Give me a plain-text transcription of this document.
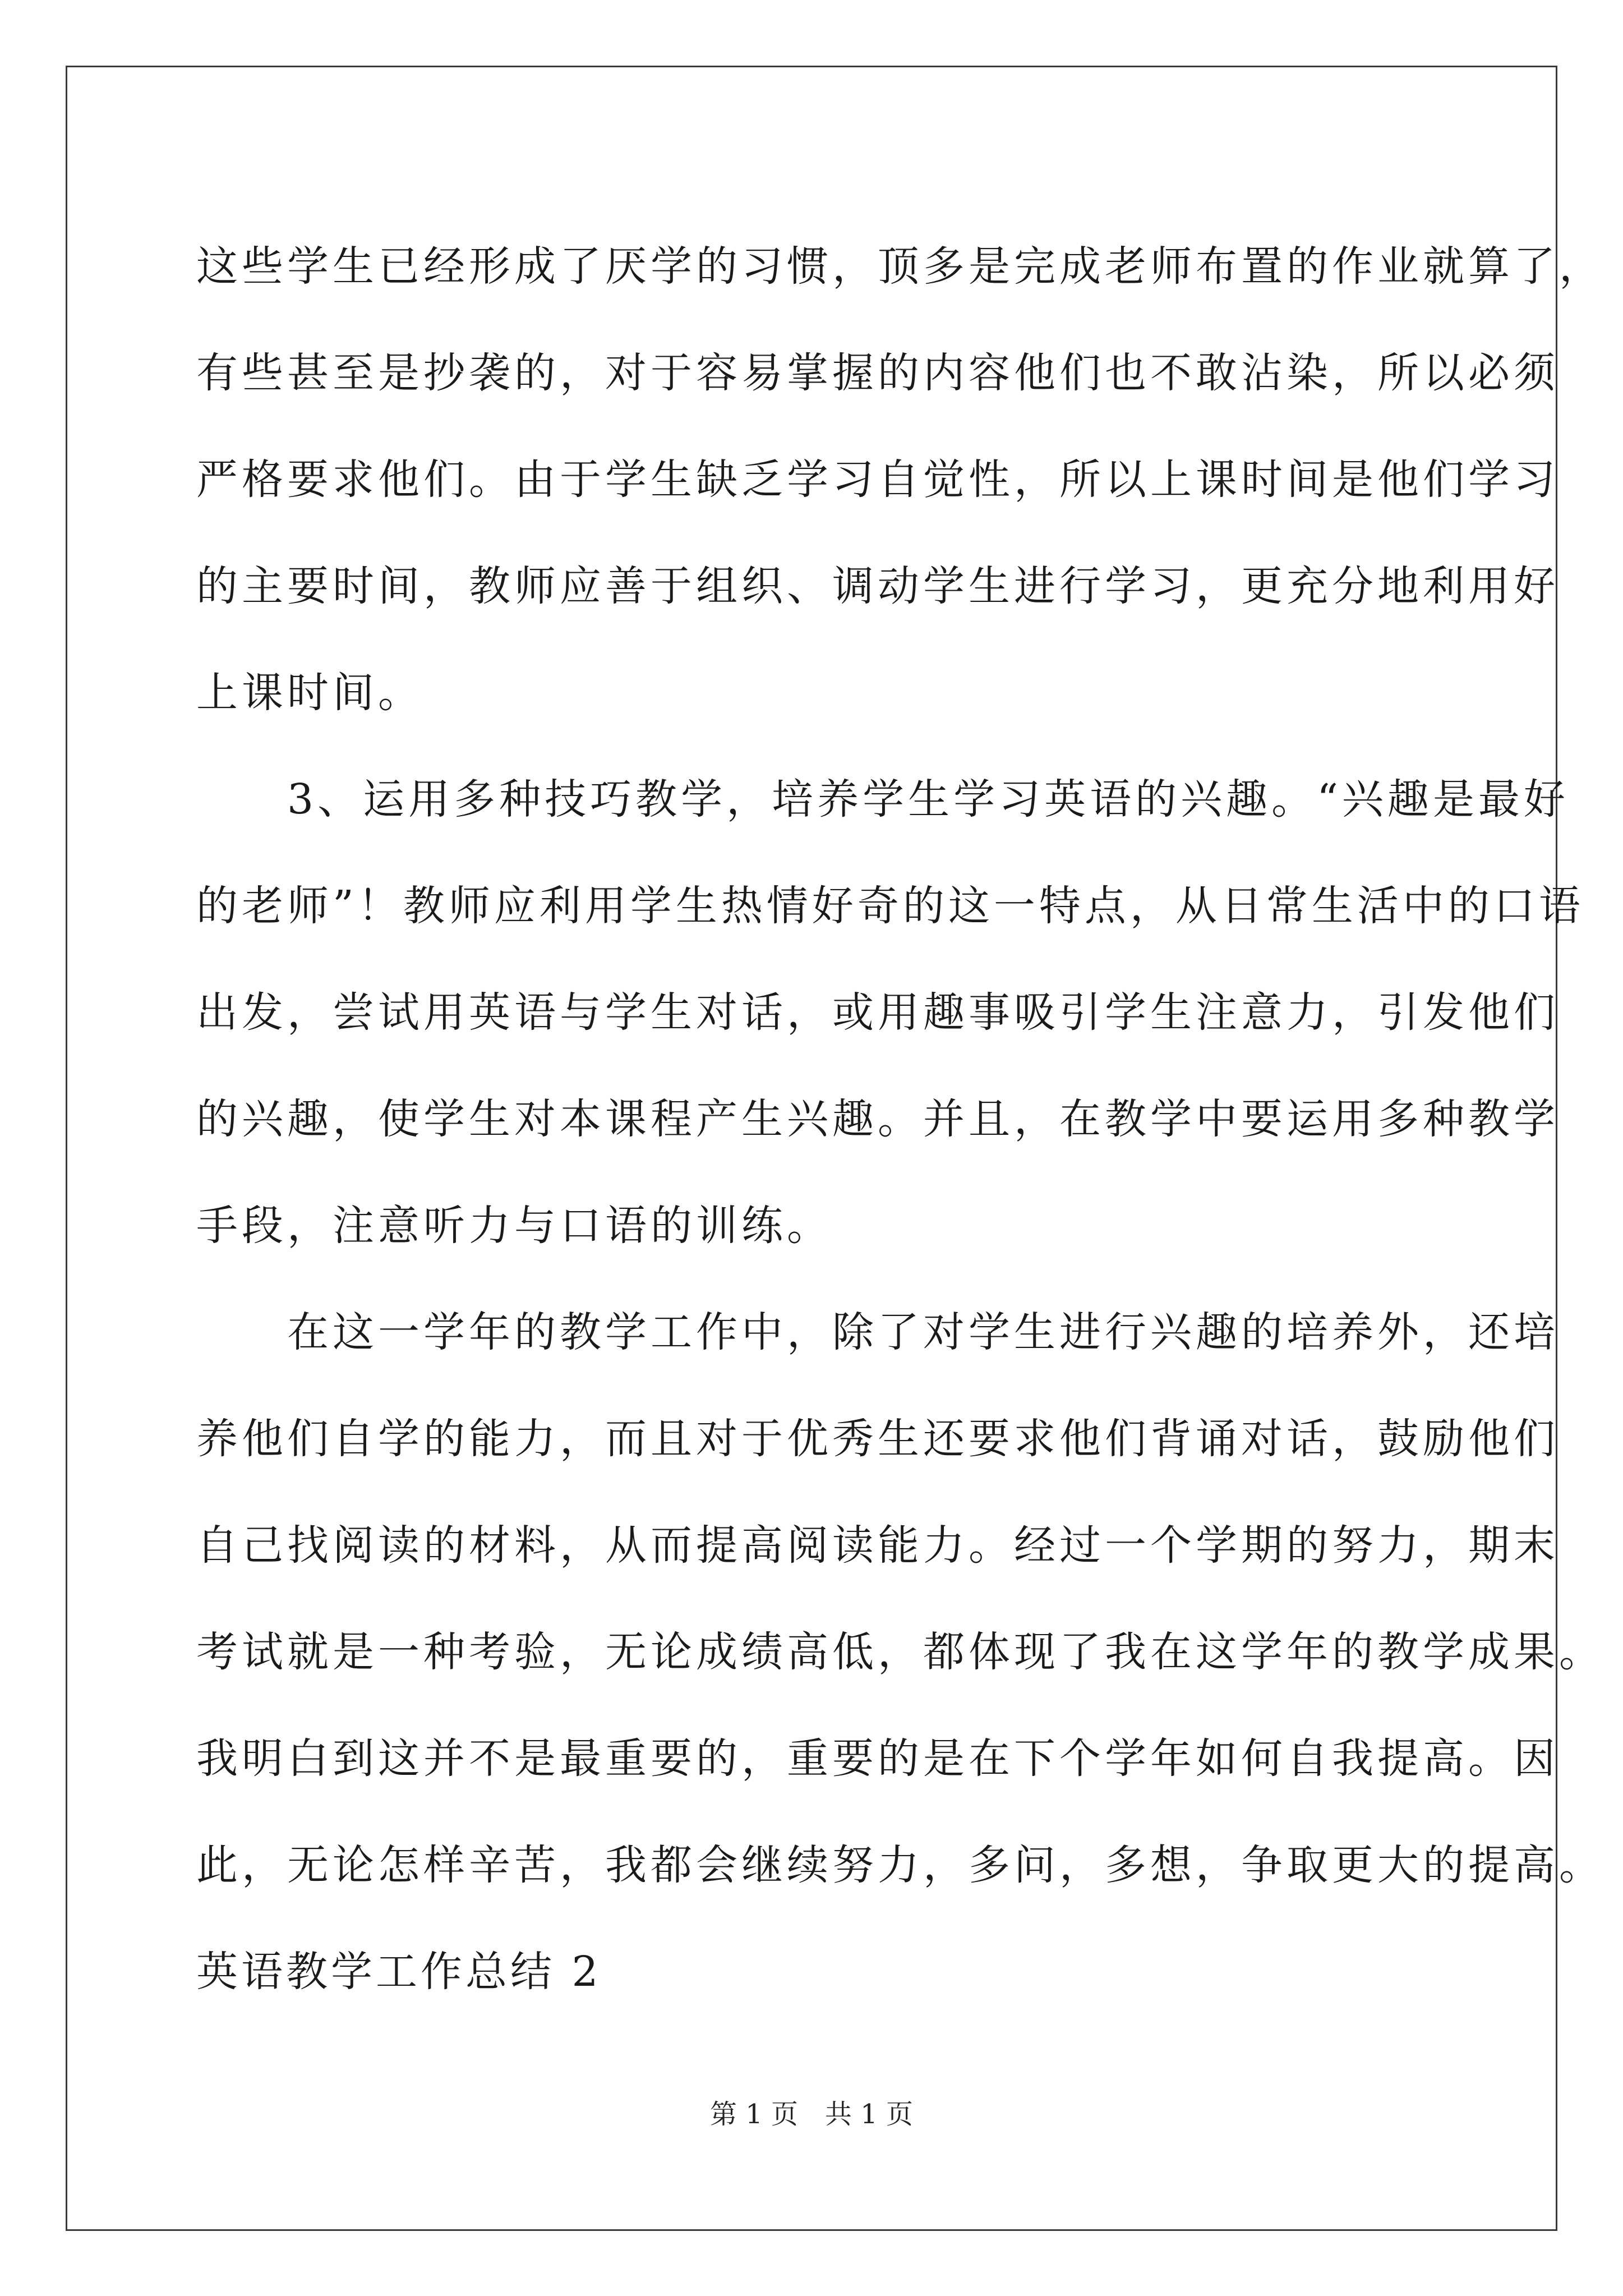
这些学生已经形成了厌学的习惯，顶多是完成老师布置的作业就算了，
有些甚至是抄袭的，对于容易掌握的内容他们也不敢沾染，所以必须
严格要求他们。由于学生缺乏学习自觉性，所以上课时间是他们学习
的主要时间，教师应善于组织、调动学生进行学习，更充分地利用好
上课时间。
　　3、运用多种技巧教学，培养学生学习英语的兴趣。“兴趣是最好
的老师”！教师应利用学生热情好奇的这一特点，从日常生活中的口语
出发，尝试用英语与学生对话，或用趣事吸引学生注意力，引发他们
的兴趣，使学生对本课程产生兴趣。并且，在教学中要运用多种教学
手段，注意听力与口语的训练。
　　在这一学年的教学工作中，除了对学生进行兴趣的培养外，还培
养他们自学的能力，而且对于优秀生还要求他们背诵对话，鼓励他们
自己找阅读的材料，从而提高阅读能力。经过一个学期的努力，期末
考试就是一种考验，无论成绩高低，都体现了我在这学年的教学成果。
我明白到这并不是最重要的，重要的是在下个学年如何自我提高。因
此，无论怎样辛苦，我都会继续努力，多问，多想，争取更大的提高。
英语教学工作总结 2
第 1 页　共 1 页
